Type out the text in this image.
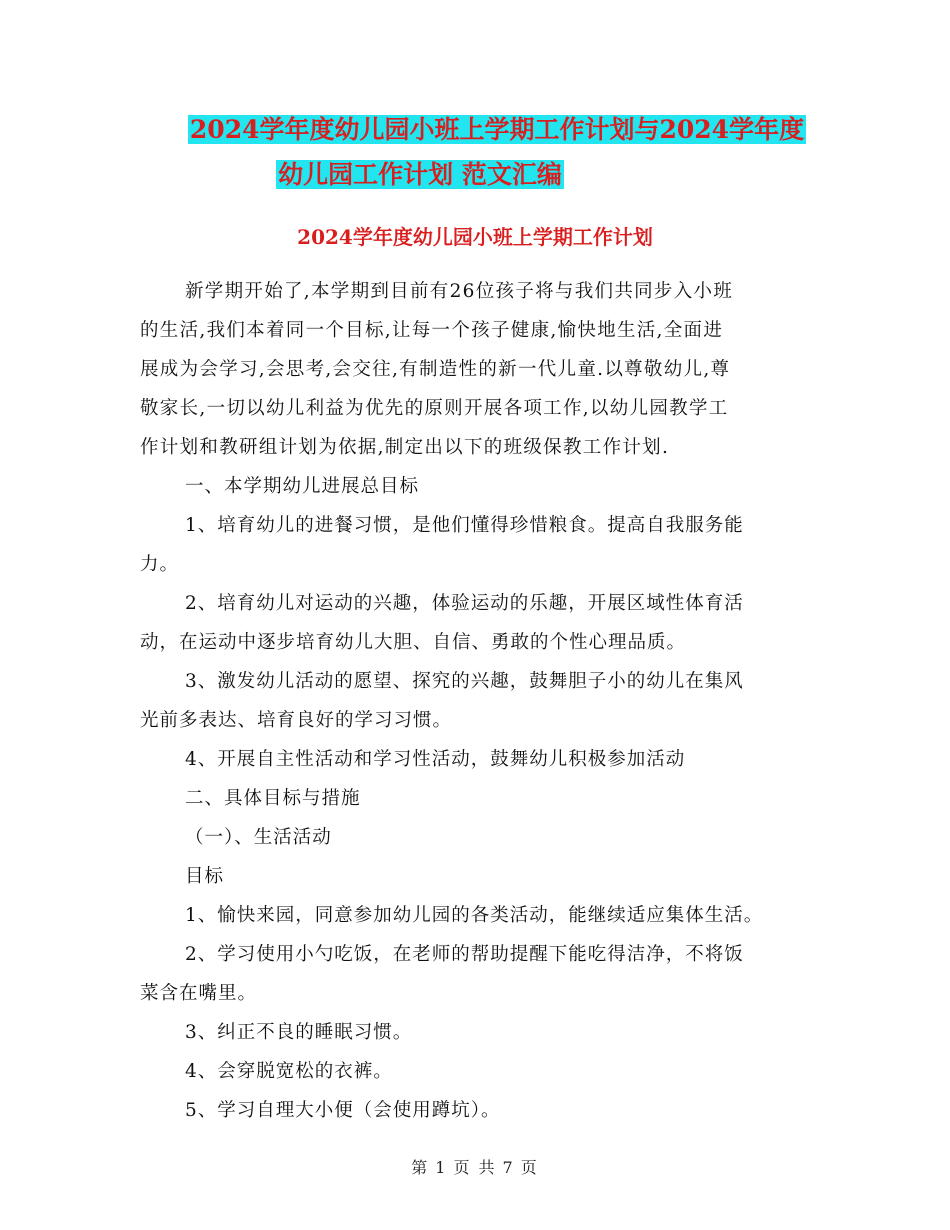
2024学年度幼儿园小班上学期工作计划与2024学年度
幼儿园工作计划 范文汇编
2024学年度幼儿园小班上学期工作计划

新学期开始了,本学期到目前有26位孩子将与我们共同步入小班

的生活,我们本着同一个目标,让每一个孩子健康,愉快地生活,全面进

展成为会学习,会思考,会交往,有制造性的新一代儿童.以尊敬幼儿,尊

敬家长,一切以幼儿利益为优先的原则开展各项工作,以幼儿园教学工

作计划和教研组计划为依据,制定出以下的班级保教工作计划.

一、本学期幼儿进展总目标

1、培育幼儿的进餐习惯，是他们懂得珍惜粮食。提高自我服务能

力。

2、培育幼儿对运动的兴趣，体验运动的乐趣，开展区域性体育活

动，在运动中逐步培育幼儿大胆、自信、勇敢的个性心理品质。

3、激发幼儿活动的愿望、探究的兴趣，鼓舞胆子小的幼儿在集风

光前多表达、培育良好的学习习惯。

4、开展自主性活动和学习性活动，鼓舞幼儿积极参加活动

二、具体目标与措施

（一）、生活活动

目标

1、愉快来园，同意参加幼儿园的各类活动，能继续适应集体生活。

2、学习使用小勺吃饭，在老师的帮助提醒下能吃得洁净，不将饭

菜含在嘴里。

3、纠正不良的睡眠习惯。

4、会穿脱宽松的衣裤。

5、学习自理大小便（会使用蹲坑）。

第 1 页 共 7 页
